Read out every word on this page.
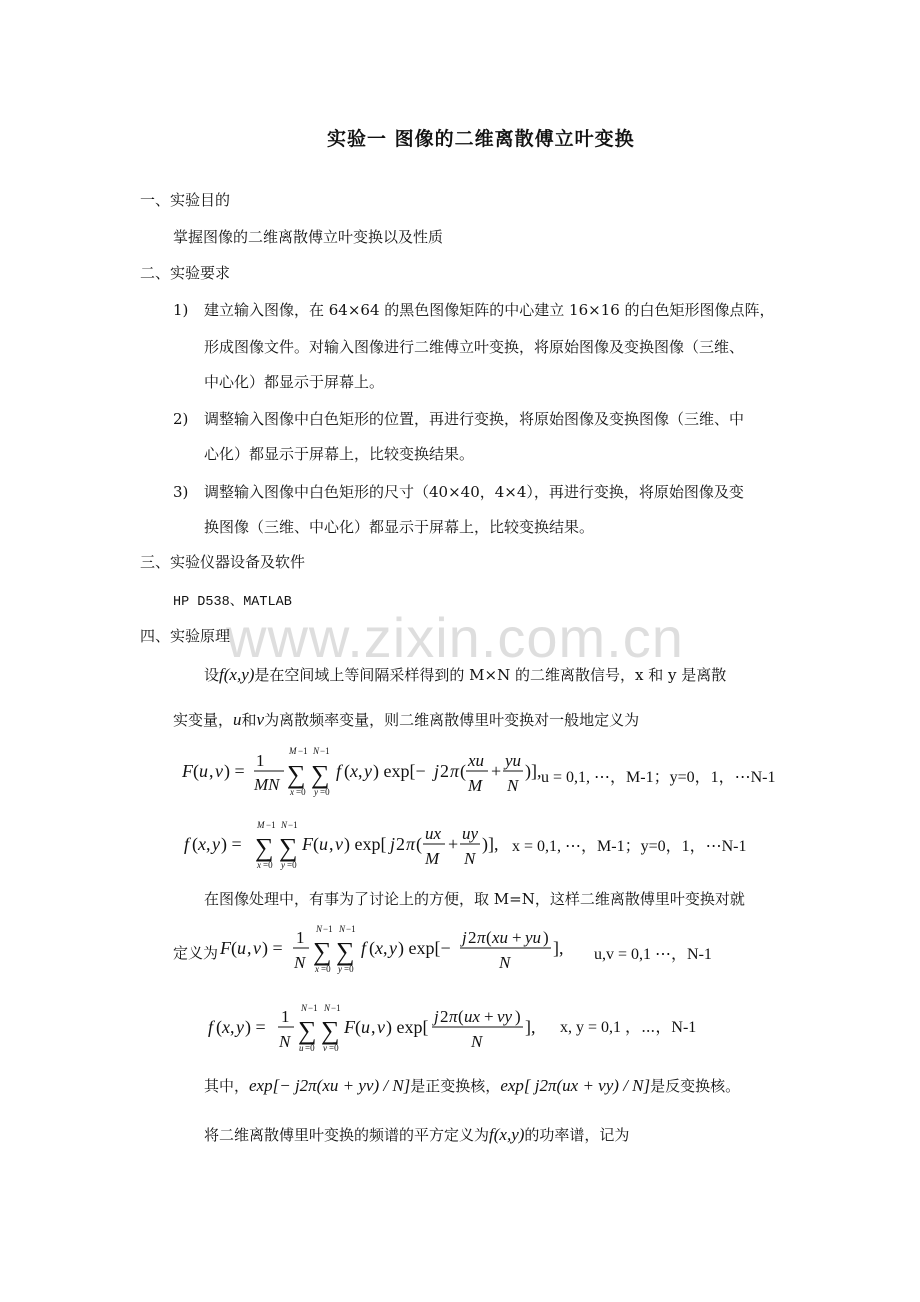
www.zixin.com.cn
实验一 图像的二维离散傅立叶变换
一、实验目的
掌握图像的二维离散傅立叶变换以及性质
二、实验要求
1) 建立输入图像，在 64×64 的黑色图像矩阵的中心建立 16×16 的白色矩形图像点阵，
形成图像文件。对输入图像进行二维傅立叶变换，将原始图像及变换图像（三维、
中心化）都显示于屏幕上。
2) 调整输入图像中白色矩形的位置，再进行变换，将原始图像及变换图像（三维、中
心化）都显示于屏幕上，比较变换结果。
3) 调整输入图像中白色矩形的尺寸（40×40，4×4），再进行变换，将原始图像及变
换图像（三维、中心化）都显示于屏幕上，比较变换结果。
三、实验仪器设备及软件
HP D538、MATLAB
四、实验原理
设f(x,y)是在空间域上等间隔采样得到的 M×N 的二维离散信号，x 和 y 是离散
实变量，u和v为离散频率变量，则二维离散傅里叶变换对一般地定义为
F ( u , v ) =
1
MN
M −1
∑
x =0
N −1
∑
y =0
f ( x , y ) exp[− j 2 π (
xu
M
+
yu
N
)], u = 0,1, ⋯，M-1；y=0，1，⋯N-1
f ( x , y ) =
M −1
∑
x =0
N −1
∑
y =0
F ( u , v ) exp[ j 2 π (
ux
M
+
uy
N
)], x = 0,1, ⋯，M-1；y=0，1，⋯N-1
在图像处理中，有事为了讨论上的方便，取 M=N，这样二维离散傅里叶变换对就
定义为 F ( u , v ) =
1
N
N −1
∑
x =0
N −1
∑
y =0
f ( x , y ) exp[−
j 2 π ( xu + yu )
N
], u,v = 0,1 ⋯，N-1
f ( x , y ) =
1
N
N −1
∑
u =0
N −1
∑
v =0
F ( u , v ) exp[
j 2 π ( ux + vy )
N
], x, y = 0,1 ，⋯，N-1
其中，exp[− j2π(xu + yv) / N]是正变换核，exp[ j2π(ux + vy) / N]是反变换核。
将二维离散傅里叶变换的频谱的平方定义为f(x,y)的功率谱，记为
